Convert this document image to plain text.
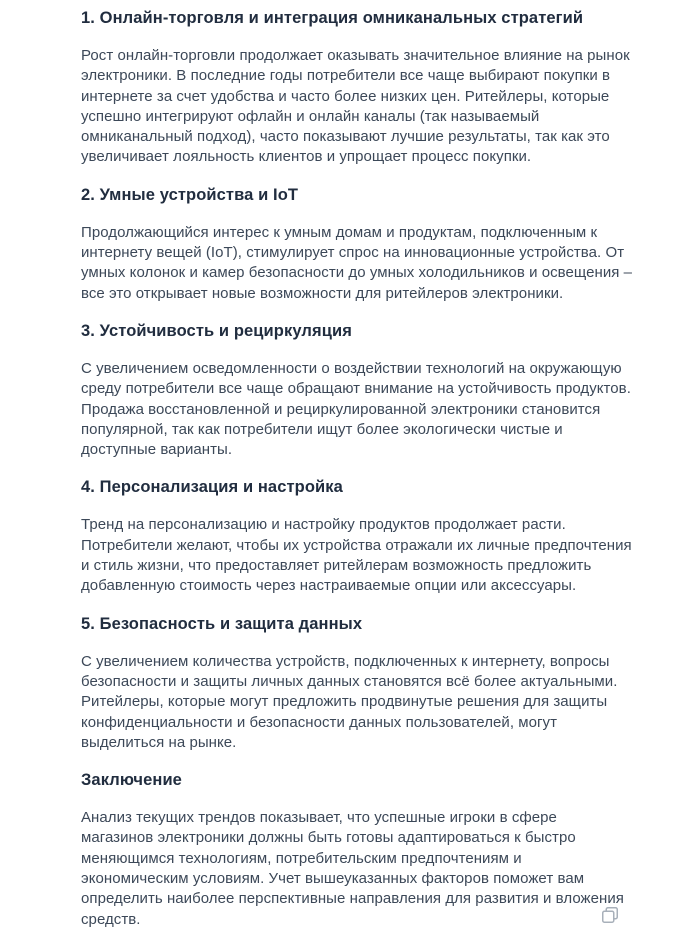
1. Онлайн-торговля и интеграция омниканальных стратегий

Рост онлайн-торговли продолжает оказывать значительное влияние на рынок электроники. В последние годы потребители все чаще выбирают покупки в интернете за счет удобства и часто более низких цен. Ритейлеры, которые успешно интегрируют офлайн и онлайн каналы (так называемый омниканальный подход), часто показывают лучшие результаты, так как это увеличивает лояльность клиентов и упрощает процесс покупки.

2. Умные устройства и IoT

Продолжающийся интерес к умным домам и продуктам, подключенным к интернету вещей (IoT), стимулирует спрос на инновационные устройства. От умных колонок и камер безопасности до умных холодильников и освещения – все это открывает новые возможности для ритейлеров электроники.

3. Устойчивость и рециркуляция

С увеличением осведомленности о воздействии технологий на окружающую среду потребители все чаще обращают внимание на устойчивость продуктов. Продажа восстановленной и рециркулированной электроники становится популярной, так как потребители ищут более экологически чистые и доступные варианты.

4. Персонализация и настройка

Тренд на персонализацию и настройку продуктов продолжает расти. Потребители желают, чтобы их устройства отражали их личные предпочтения и стиль жизни, что предоставляет ритейлерам возможность предложить добавленную стоимость через настраиваемые опции или аксессуары.

5. Безопасность и защита данных

С увеличением количества устройств, подключенных к интернету, вопросы безопасности и защиты личных данных становятся всё более актуальными. Ритейлеры, которые могут предложить продвинутые решения для защиты конфиденциальности и безопасности данных пользователей, могут выделиться на рынке.

Заключение

Анализ текущих трендов показывает, что успешные игроки в сфере магазинов электроники должны быть готовы адаптироваться к быстро меняющимся технологиям, потребительским предпочтениям и экономическим условиям. Учет вышеуказанных факторов поможет вам определить наиболее перспективные направления для развития и вложения средств.
